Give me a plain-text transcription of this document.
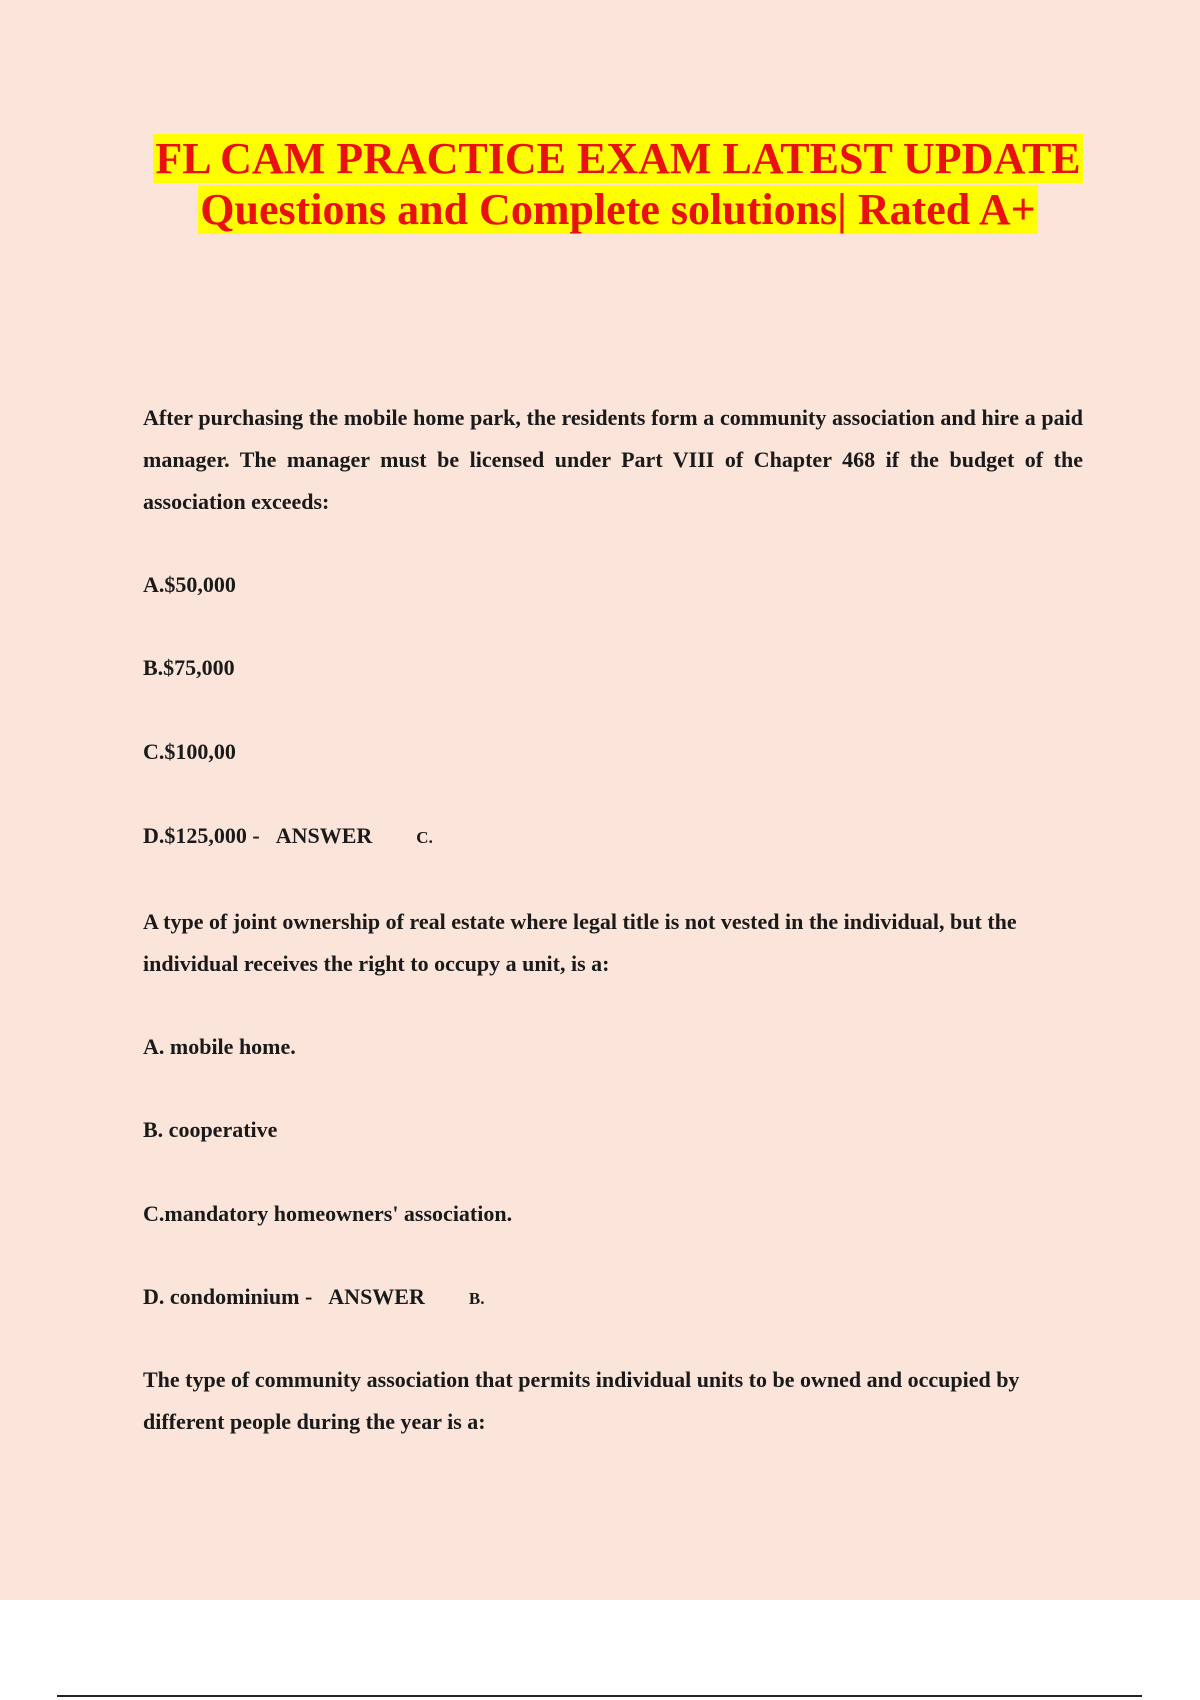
FL CAM PRACTICE EXAM LATEST UPDATE
Questions and Complete solutions| Rated A+

After purchasing the mobile home park, the residents form a community association and hire a paid manager. The manager must be licensed under Part VIII of Chapter 468 if the budget of the association exceeds:

A.$50,000
B.$75,000
C.$100,00
D.$125,000 - ANSWER	C.

A type of joint ownership of real estate where legal title is not vested in the individual, but the individual receives the right to occupy a unit, is a:

A. mobile home.
B. cooperative
C.mandatory homeowners' association.
D. condominium - ANSWER	B.

The type of community association that permits individual units to be owned and occupied by different people during the year is a:
